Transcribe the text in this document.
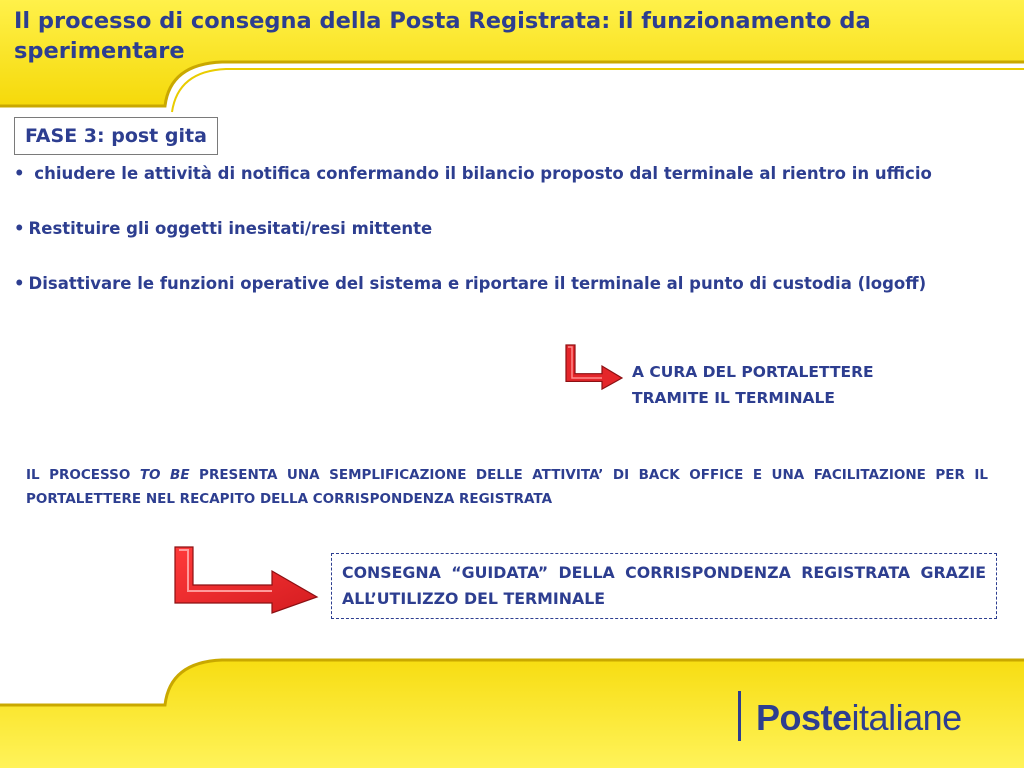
Il processo di consegna della Posta Registrata: il funzionamento da sperimentare
FASE 3: post gita
• chiudere le attività di notifica confermando il bilancio proposto dal terminale al rientro in ufficio
• Restituire gli oggetti inesitati/resi mittente
• Disattivare le funzioni operative del sistema e riportare il terminale al punto di custodia (logoff)
A CURA DEL PORTALETTERE
TRAMITE IL TERMINALE
IL PROCESSO TO BE PRESENTA UNA SEMPLIFICAZIONE DELLE ATTIVITA’ DI BACK OFFICE E UNA FACILITAZIONE PER IL PORTALETTERE NEL RECAPITO DELLA CORRISPONDENZA REGISTRATA
CONSEGNA “GUIDATA” DELLA CORRISPONDENZA REGISTRATA GRAZIE ALL’UTILIZZO DEL TERMINALE
Posteitaliane
